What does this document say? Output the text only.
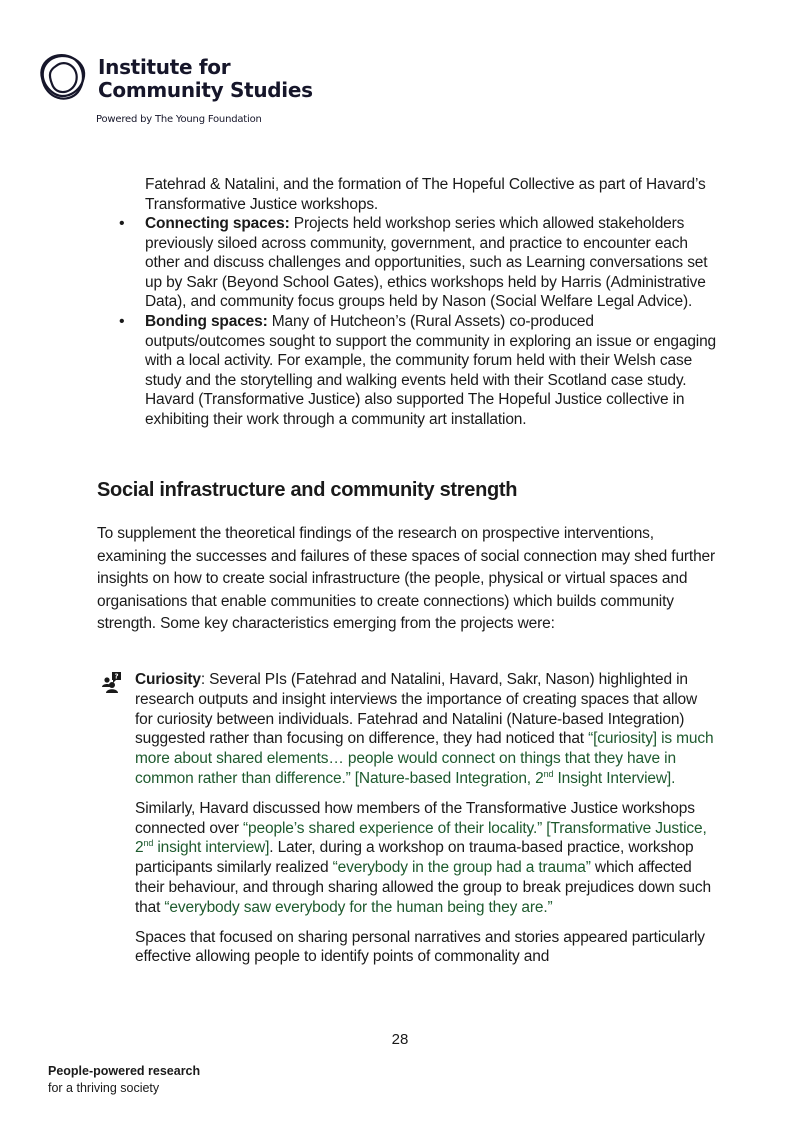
Institute for
Community Studies
Powered by The Young Foundation
Fatehrad & Natalini, and the formation of The Hopeful Collective as part of Havard’s Transformative Justice workshops.
• Connecting spaces: Projects held workshop series which allowed stakeholders previously siloed across community, government, and practice to encounter each other and discuss challenges and opportunities, such as Learning conversations set up by Sakr (Beyond School Gates), ethics workshops held by Harris (Administrative Data), and community focus groups held by Nason (Social Welfare Legal Advice).
• Bonding spaces: Many of Hutcheon’s (Rural Assets) co-produced outputs/outcomes sought to support the community in exploring an issue or engaging with a local activity. For example, the community forum held with their Welsh case study and the storytelling and walking events held with their Scotland case study. Havard (Transformative Justice) also supported The Hopeful Justice collective in exhibiting their work through a community art installation.
Social infrastructure and community strength
To supplement the theoretical findings of the research on prospective interventions, examining the successes and failures of these spaces of social connection may shed further insights on how to create social infrastructure (the people, physical or virtual spaces and organisations that enable communities to create connections) which builds community strength. Some key characteristics emerging from the projects were:
? Curiosity: Several PIs (Fatehrad and Natalini, Havard, Sakr, Nason) highlighted in research outputs and insight interviews the importance of creating spaces that allow for curiosity between individuals. Fatehrad and Natalini (Nature-based Integration) suggested rather than focusing on difference, they had noticed that “[curiosity] is much more about shared elements… people would connect on things that they have in common rather than difference.” [Nature-based Integration, 2nd Insight Interview].

Similarly, Havard discussed how members of the Transformative Justice workshops connected over “people’s shared experience of their locality.” [Transformative Justice, 2nd insight interview]. Later, during a workshop on trauma-based practice, workshop participants similarly realized “everybody in the group had a trauma” which affected their behaviour, and through sharing allowed the group to break prejudices down such that “everybody saw everybody for the human being they are.”

Spaces that focused on sharing personal narratives and stories appeared particularly effective allowing people to identify points of commonality and

28
People-powered research
for a thriving society
